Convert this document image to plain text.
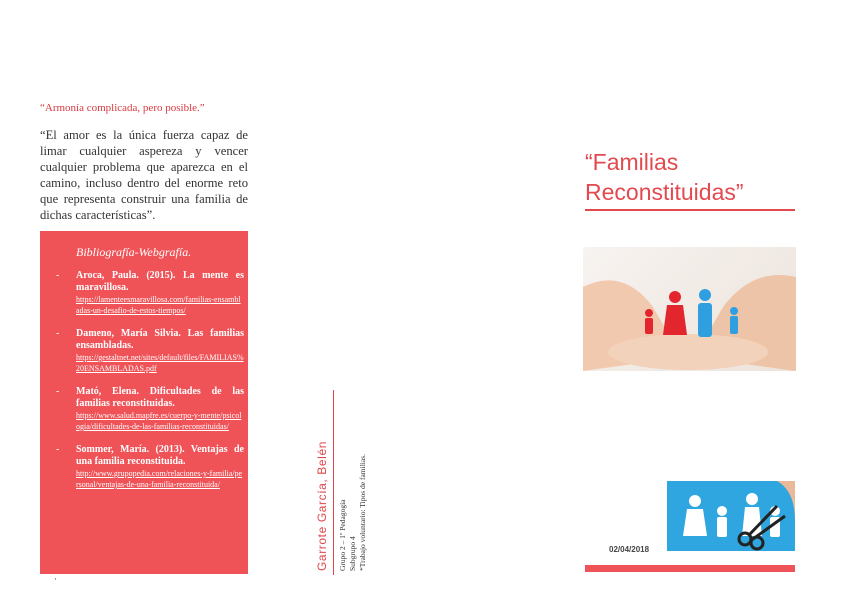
“Armonía complicada, pero posible.”
“El amor es la única fuerza capaz de limar cualquier aspereza y vencer cualquier problema que aparezca en el camino, incluso dentro del enorme reto que representa construir una familia de dichas características”.
Bibliografía-Webgrafía.
-	Aroca, Paula. (2015). La mente es maravillosa.
https://lamenteesmaravillosa.com/familias-ensambladas-un-desafio-de-estos-tiempos/
-	Dameno, María Silvia. Las familias ensambladas.
https://gestaltnet.net/sites/default/files/FAMILIAS%20ENSAMBLADAS.pdf
-	Mató, Elena. Dificultades de las familias reconstituidas.
https://www.salud.mapfre.es/cuerpo-y-mente/psicologia/dificultades-de-las-familias-reconstituidas/
-	Sommer, María. (2013). Ventajas de una familia reconstituida.
http://www.grupopedia.com/relaciones-y-familia/personal/ventajas-de-una-familia-reconstituida/
·
Garrote García, Belén	Grupo 2 – 1º Pedagogía Subgrupo 4 *Trabajo voluntario: Tipos de familias.
“Familias
Reconstituidas”
02/04/2018
